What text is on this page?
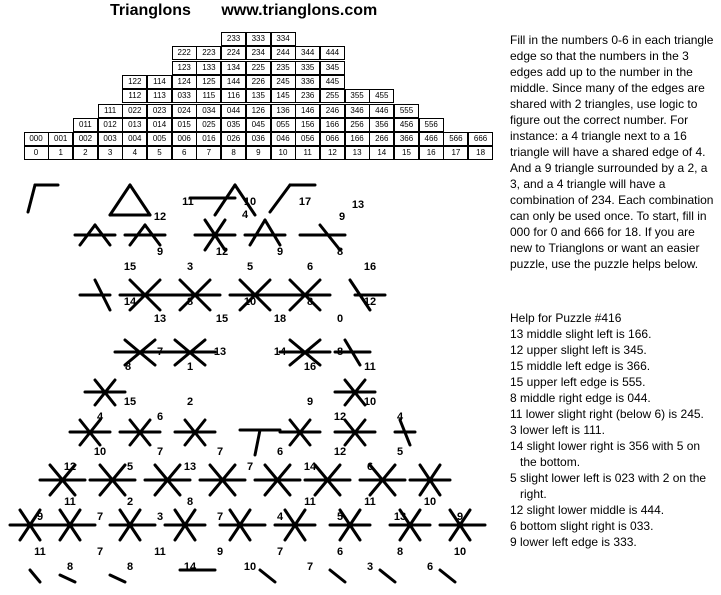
Trianglons www.trianglons.com
233	333	334
222	223	224	234	244	344	444
123	133	134	225	235	335	345
122	114	124	125	144	226	245	336	445
112	113	033	115	116	135	145	236	255	355	455
111	022	023	024	034	044	126	136	146	246	346	446	555
011	012	013	014	015	025	035	045	055	156	166	256	356	456	556
000	001	002	003	004	005	006	016	026	036	046	056	066	166	266	366	466	566	666
0	1	2	3	4	5	6	7	8	9	10	11	12	13	14	15	16	17	18
Fill in the numbers 0-6 in each triangle edge so that the numbers in the 3 edges add up to the number in the middle. Since many of the edges are shared with 2 triangles, use logic to figure out the correct number. For instance: a 4 triangle next to a 16 triangle will have a shared edge of 4. And a 9 triangle surrounded by a 2, a 3, and a 4 triangle will have a combination of 234. Each combination can only be used once. To start, fill in 000 for 0 and 666 for 18. If you are new to Trianglons or want an easier puzzle, use the puzzle helps below.
Help for Puzzle #416
13 middle slight left is 166.
12 upper slight left is 345.
15 middle left edge is 366.
15 upper left edge is 555.
8 middle right edge is 044.
11 lower slight right (below 6) is 245.
3 lower left is 111.
14 slight lower right is 356 with 5 on the bottom.
5 slight lower left is 023 with 2 on the right.
12 slight lower middle is 444.
6 bottom slight right is 033.
9 lower left edge is 333.
11
4
10	17	13
12
9	12	9	8
9
15	3	5	6	16
14	8	10	8	12
13	15	18	0
7	13	14	8
8	1	16	11
15	2	9	10
4	6	12	4
10	7	7	6	12	5
12	5	13	7	14	6
11	2	8	11	11	10
9	7	3	7	4	5	13	9
11	7	11	9	7	6	8	10
8	8	14	10	7	3	6
